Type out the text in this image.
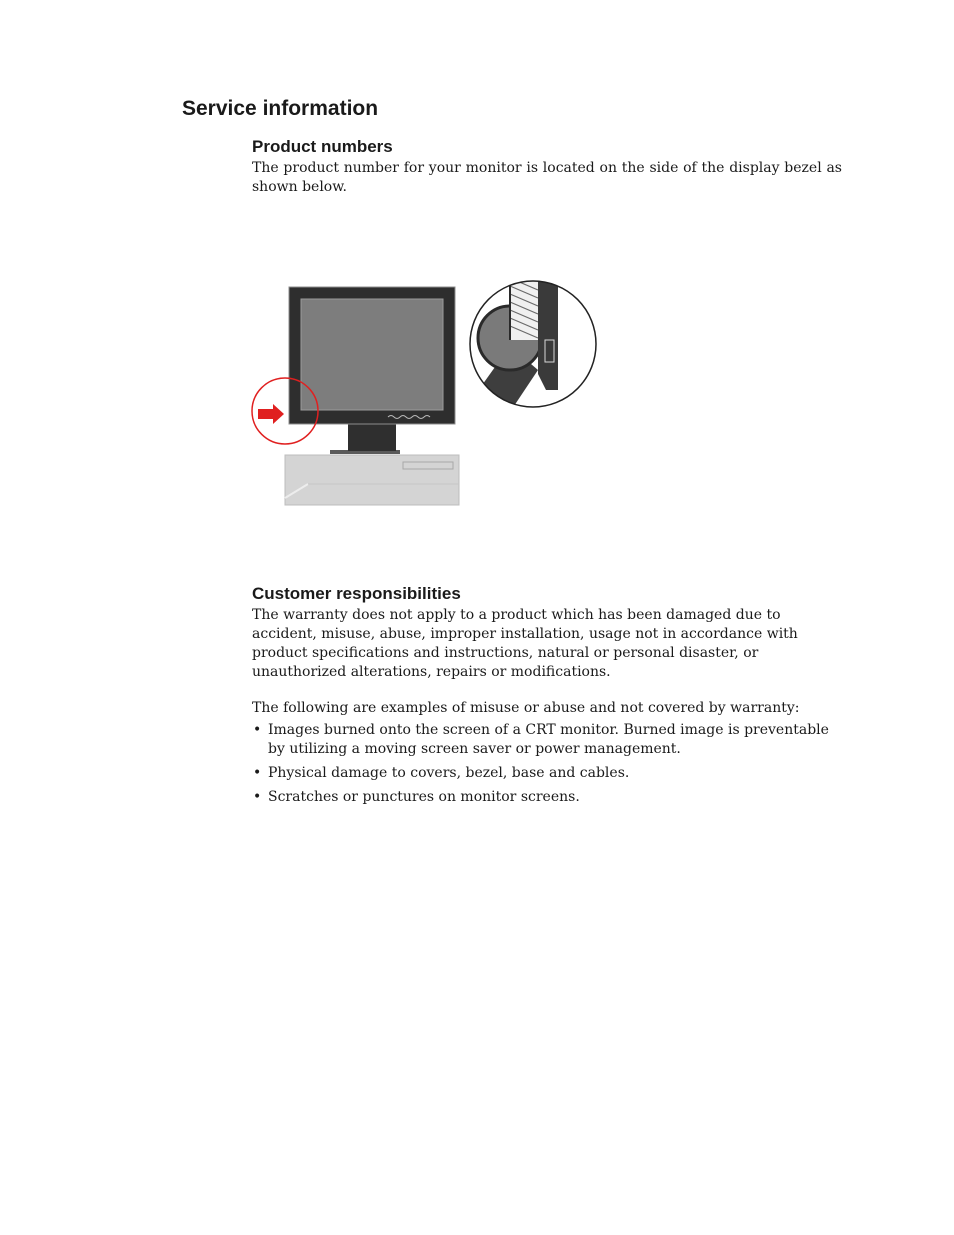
Service information
Product numbers

The product number for your monitor is located on the side of the display bezel as shown below.

Customer responsibilities
The warranty does not apply to a product which has been damaged due to
accident, misuse, abuse, improper installation, usage not in accordance with
product specifications and instructions, natural or personal disaster, or
unauthorized alterations, repairs or modifications.

The following are examples of misuse or abuse and not covered by warranty:

• Images burned onto the screen of a CRT monitor. Burned image is preventable by utilizing a moving screen saver or power management.
• Physical damage to covers, bezel, base and cables.
• Scratches or punctures on monitor screens.
